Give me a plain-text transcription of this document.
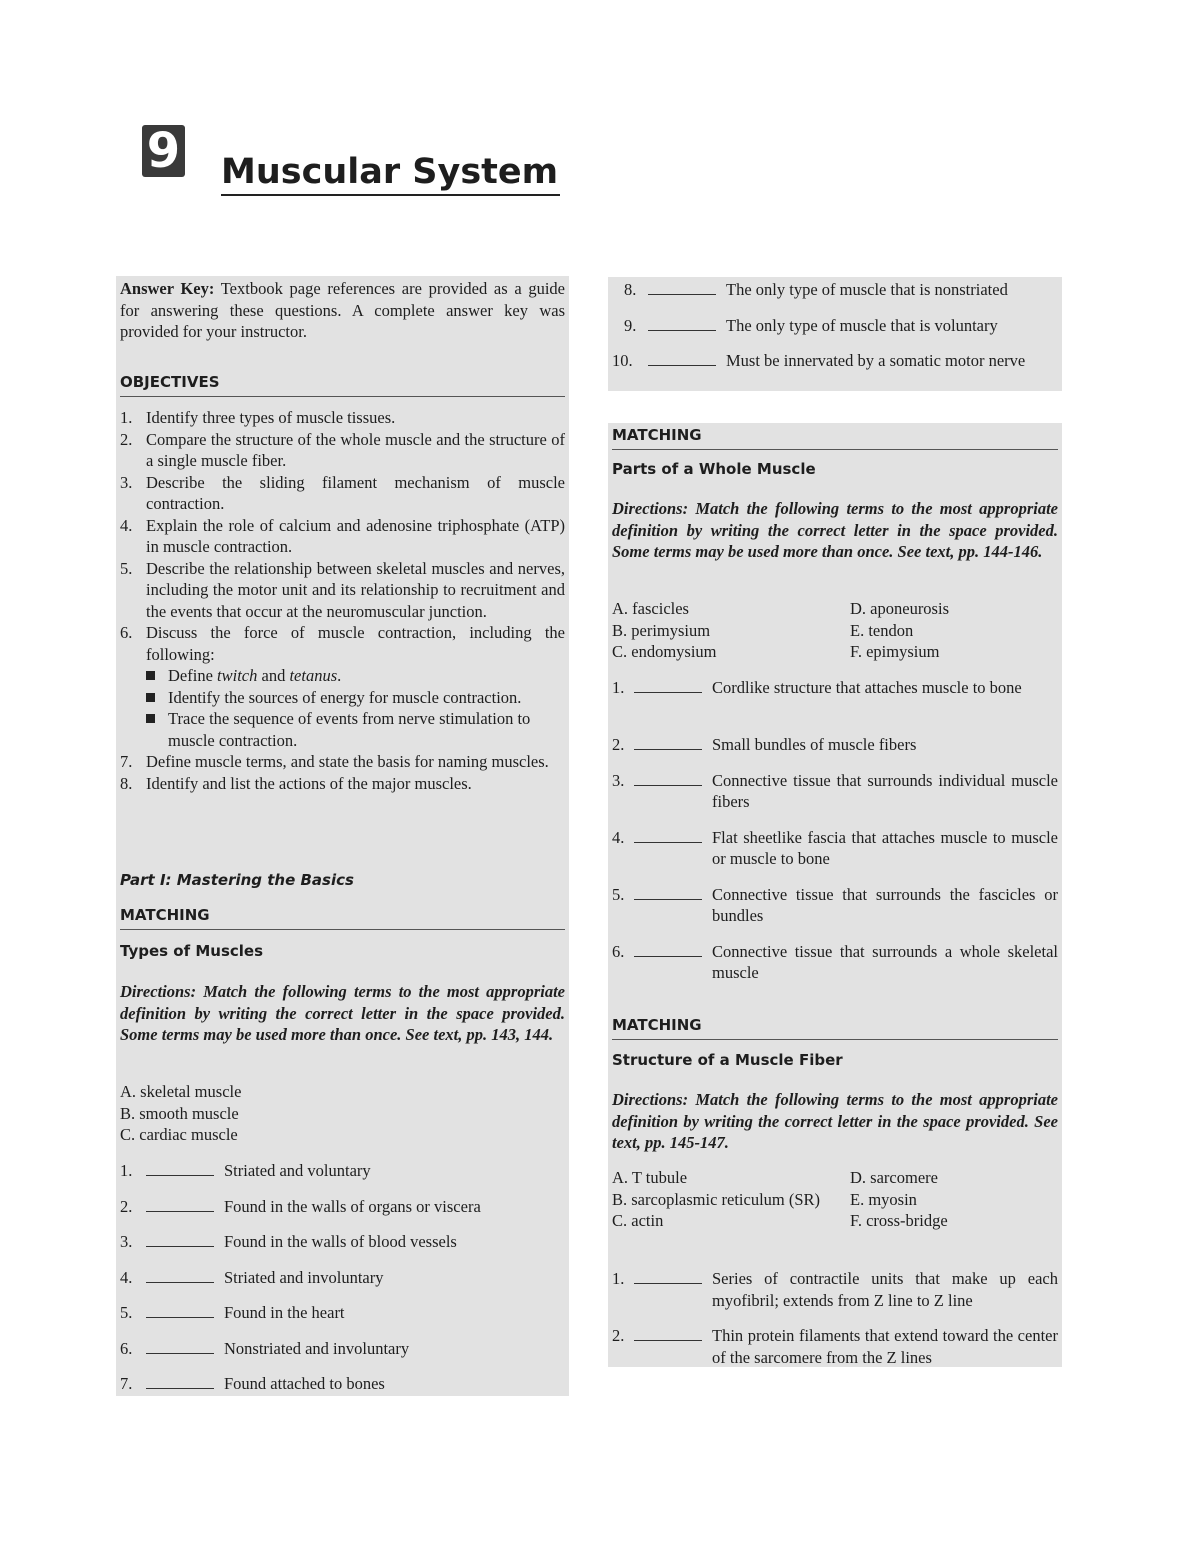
9 Muscular System
Answer Key: Textbook page references are provided as a guide for answering these questions. A complete answer key was provided for your instructor.
OBJECTIVES
1. Identify three types of muscle tissues.
2. Compare the structure of the whole muscle and the structure of a single muscle fiber.
3. Describe the sliding filament mechanism of muscle contraction.
4. Explain the role of calcium and adenosine triphosphate (ATP) in muscle contraction.
5. Describe the relationship between skeletal muscles and nerves, including the motor unit and its relationship to recruitment and the events that occur at the neuromuscular junction.
6. Discuss the force of muscle contraction, including the following:
Define twitch and tetanus.
Identify the sources of energy for muscle contraction.
Trace the sequence of events from nerve stimulation to muscle contraction.
7. Define muscle terms, and state the basis for naming muscles.
8. Identify and list the actions of the major muscles.
Part I: Mastering the Basics
MATCHING
Types of Muscles
Directions: Match the following terms to the most appropriate definition by writing the correct letter in the space provided. Some terms may be used more than once. See text, pp. 143, 144.
A. skeletal muscle
B. smooth muscle
C. cardiac muscle
1.	Striated and voluntary
2.	Found in the walls of organs or viscera
3.	Found in the walls of blood vessels
4.	Striated and involuntary
5.	Found in the heart
6.	Nonstriated and involuntary
7.	Found attached to bones
8.	The only type of muscle that is nonstriated
9.	The only type of muscle that is voluntary
10.	Must be innervated by a somatic motor nerve
MATCHING
Parts of a Whole Muscle
Directions: Match the following terms to the most appropriate definition by writing the correct letter in the space provided. Some terms may be used more than once. See text, pp. 144-146.
A. fascicles	D. aponeurosis
B. perimysium	E. tendon
C. endomysium	F. epimysium
1.	Cordlike structure that attaches muscle to bone
2.	Small bundles of muscle fibers
3.	Connective tissue that surrounds individual muscle fibers
4.	Flat sheetlike fascia that attaches muscle to muscle or muscle to bone
5.	Connective tissue that surrounds the fascicles or bundles
6.	Connective tissue that surrounds a whole skeletal muscle
MATCHING
Structure of a Muscle Fiber
Directions: Match the following terms to the most appropriate definition by writing the correct letter in the space provided. See text, pp. 145-147.
A. T tubule	D. sarcomere
B. sarcoplasmic reticulum (SR)	E. myosin
C. actin	F. cross-bridge
1.	Series of contractile units that make up each myofibril; extends from Z line to Z line
2.	Thin protein filaments that extend toward the center of the sarcomere from the Z lines
